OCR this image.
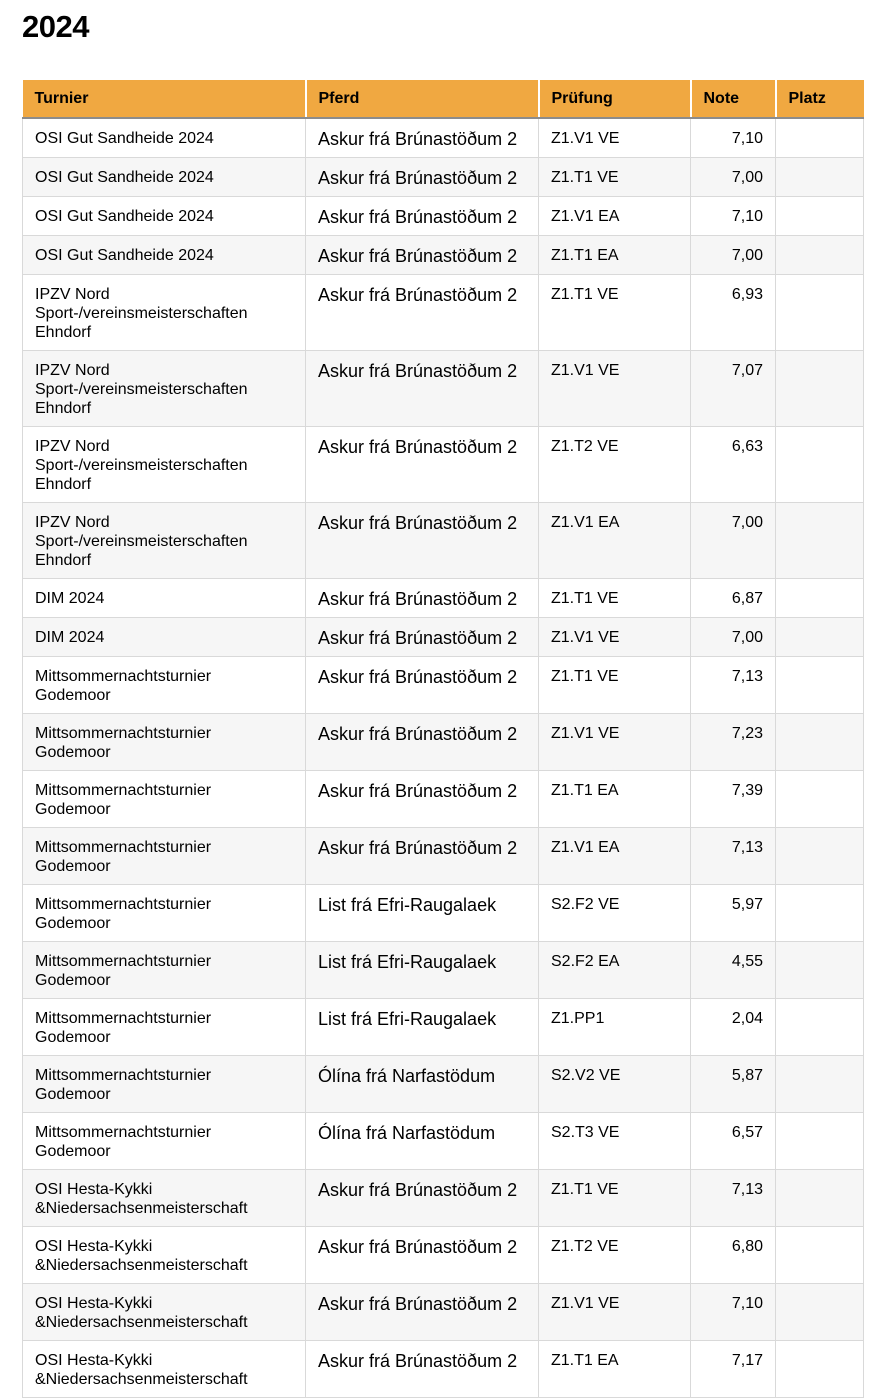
2024
Turnier	Pferd	Prüfung	Note	Platz
OSI Gut Sandheide 2024	Askur frá Brúnastöðum 2	Z1.V1 VE	7,10	
OSI Gut Sandheide 2024	Askur frá Brúnastöðum 2	Z1.T1 VE	7,00	
OSI Gut Sandheide 2024	Askur frá Brúnastöðum 2	Z1.V1 EA	7,10	
OSI Gut Sandheide 2024	Askur frá Brúnastöðum 2	Z1.T1 EA	7,00	
IPZV Nord Sport-/vereinsmeisterschaften Ehndorf	Askur frá Brúnastöðum 2	Z1.T1 VE	6,93	
IPZV Nord Sport-/vereinsmeisterschaften Ehndorf	Askur frá Brúnastöðum 2	Z1.V1 VE	7,07	
IPZV Nord Sport-/vereinsmeisterschaften Ehndorf	Askur frá Brúnastöðum 2	Z1.T2 VE	6,63	
IPZV Nord Sport-/vereinsmeisterschaften Ehndorf	Askur frá Brúnastöðum 2	Z1.V1 EA	7,00	
DIM 2024	Askur frá Brúnastöðum 2	Z1.T1 VE	6,87	
DIM 2024	Askur frá Brúnastöðum 2	Z1.V1 VE	7,00	
Mittsommernachtsturnier Godemoor	Askur frá Brúnastöðum 2	Z1.T1 VE	7,13	
Mittsommernachtsturnier Godemoor	Askur frá Brúnastöðum 2	Z1.V1 VE	7,23	
Mittsommernachtsturnier Godemoor	Askur frá Brúnastöðum 2	Z1.T1 EA	7,39	
Mittsommernachtsturnier Godemoor	Askur frá Brúnastöðum 2	Z1.V1 EA	7,13	
Mittsommernachtsturnier Godemoor	List frá Efri-Raugalaek	S2.F2 VE	5,97	
Mittsommernachtsturnier Godemoor	List frá Efri-Raugalaek	S2.F2 EA	4,55	
Mittsommernachtsturnier Godemoor	List frá Efri-Raugalaek	Z1.PP1	2,04	
Mittsommernachtsturnier Godemoor	Ólína frá Narfastödum	S2.V2 VE	5,87	
Mittsommernachtsturnier Godemoor	Ólína frá Narfastödum	S2.T3 VE	6,57	
OSI Hesta-Kykki &Niedersachsenmeisterschaft	Askur frá Brúnastöðum 2	Z1.T1 VE	7,13	
OSI Hesta-Kykki &Niedersachsenmeisterschaft	Askur frá Brúnastöðum 2	Z1.T2 VE	6,80	
OSI Hesta-Kykki &Niedersachsenmeisterschaft	Askur frá Brúnastöðum 2	Z1.V1 VE	7,10	
OSI Hesta-Kykki &Niedersachsenmeisterschaft	Askur frá Brúnastöðum 2	Z1.T1 EA	7,17	
